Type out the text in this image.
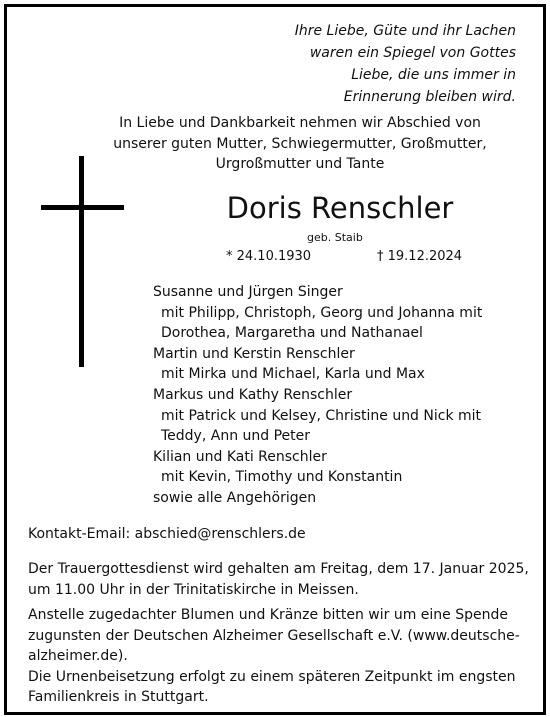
Ihre Liebe, Güte und ihr Lachen
waren ein Spiegel von Gottes
Liebe, die uns immer in
Erinnerung bleiben wird.
In Liebe und Dankbarkeit nehmen wir Abschied von
unserer guten Mutter, Schwiegermutter, Großmutter,
Urgroßmutter und Tante
Doris Renschler
geb. Staib
* 24.10.1930	† 19.12.2024
Susanne und Jürgen Singer
mit Philipp, Christoph, Georg und Johanna mit
Dorothea, Margaretha und Nathanael
Martin und Kerstin Renschler
mit Mirka und Michael, Karla und Max
Markus und Kathy Renschler
mit Patrick und Kelsey, Christine und Nick mit
Teddy, Ann und Peter
Kilian und Kati Renschler
mit Kevin, Timothy und Konstantin
sowie alle Angehörigen
Kontakt-Email: abschied@renschlers.de
Der Trauergottesdienst wird gehalten am Freitag, dem 17. Januar 2025,
um 11.00 Uhr in der Trinitatiskirche in Meissen.
Anstelle zugedachter Blumen und Kränze bitten wir um eine Spende
zugunsten der Deutschen Alzheimer Gesellschaft e.V. (www.deutsche-
alzheimer.de).
Die Urnenbeisetzung erfolgt zu einem späteren Zeitpunkt im engsten
Familienkreis in Stuttgart.
